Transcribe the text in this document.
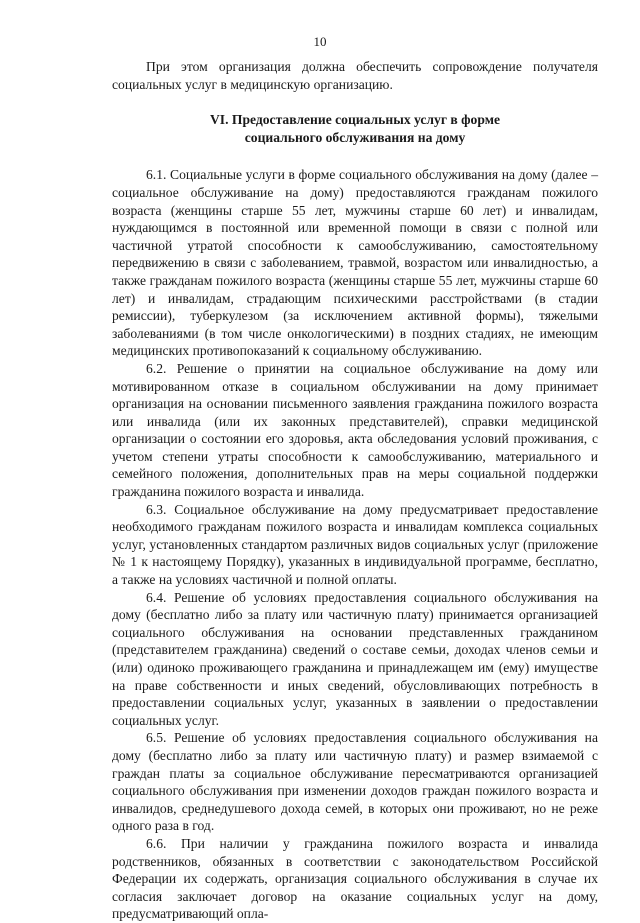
10

При этом организация должна обеспечить сопровождение получателя социальных услуг в медицинскую организацию.

VI. Предоставление социальных услуг в форме
социального обслуживания на дому

6.1. Социальные услуги в форме социального обслуживания на дому (далее – социальное обслуживание на дому) предоставляются гражданам пожилого возраста (женщины старше 55 лет, мужчины старше 60 лет) и инвалидам, нуждающимся в постоянной или временной помощи в связи с полной или частичной утратой способности к самообслуживанию, самостоятельному передвижению в связи с заболеванием, травмой, возрастом или инвалидностью, а также гражданам пожилого возраста (женщины старше 55 лет, мужчины старше 60 лет) и инвалидам, страдающим психическими расстройствами (в стадии ремиссии), туберкулезом (за исключением активной формы), тяжелыми заболеваниями (в том числе онкологическими) в поздних стадиях, не имеющим медицинских противопоказаний к социальному обслуживанию.

6.2. Решение о принятии на социальное обслуживание на дому или мотивированном отказе в социальном обслуживании на дому принимает организация на основании письменного заявления гражданина пожилого возраста или инвалида (или их законных представителей), справки медицинской организации о состоянии его здоровья, акта обследования условий проживания, с учетом степени утраты способности к самообслуживанию, материального и семейного положения, дополнительных прав на меры социальной поддержки гражданина пожилого возраста и инвалида.

6.3. Социальное обслуживание на дому предусматривает предоставление необходимого гражданам пожилого возраста и инвалидам комплекса социальных услуг, установленных стандартом различных видов социальных услуг (приложение № 1 к настоящему Порядку), указанных в индивидуальной программе, бесплатно, а также на условиях частичной и полной оплаты.

6.4. Решение об условиях предоставления социального обслуживания на дому (бесплатно либо за плату или частичную плату) принимается организацией социального обслуживания на основании представленных гражданином (представителем гражданина) сведений о составе семьи, доходах членов семьи и (или) одиноко проживающего гражданина и принадлежащем им (ему) имуществе на праве собственности и иных сведений, обусловливающих потребность в предоставлении социальных услуг, указанных в заявлении о предоставлении социальных услуг.

6.5. Решение об условиях предоставления социального обслуживания на дому (бесплатно либо за плату или частичную плату) и размер взимаемой с граждан платы за социальное обслуживание пересматриваются организацией социального обслуживания при изменении доходов граждан пожилого возраста и инвалидов, среднедушевого дохода семей, в которых они проживают, но не реже одного раза в год.

6.6. При наличии у гражданина пожилого возраста и инвалида родственников, обязанных в соответствии с законодательством Российской Федерации их содержать, организация социального обслуживания в случае их согласия заключает договор на оказание социальных услуг на дому, предусматривающий опла-
